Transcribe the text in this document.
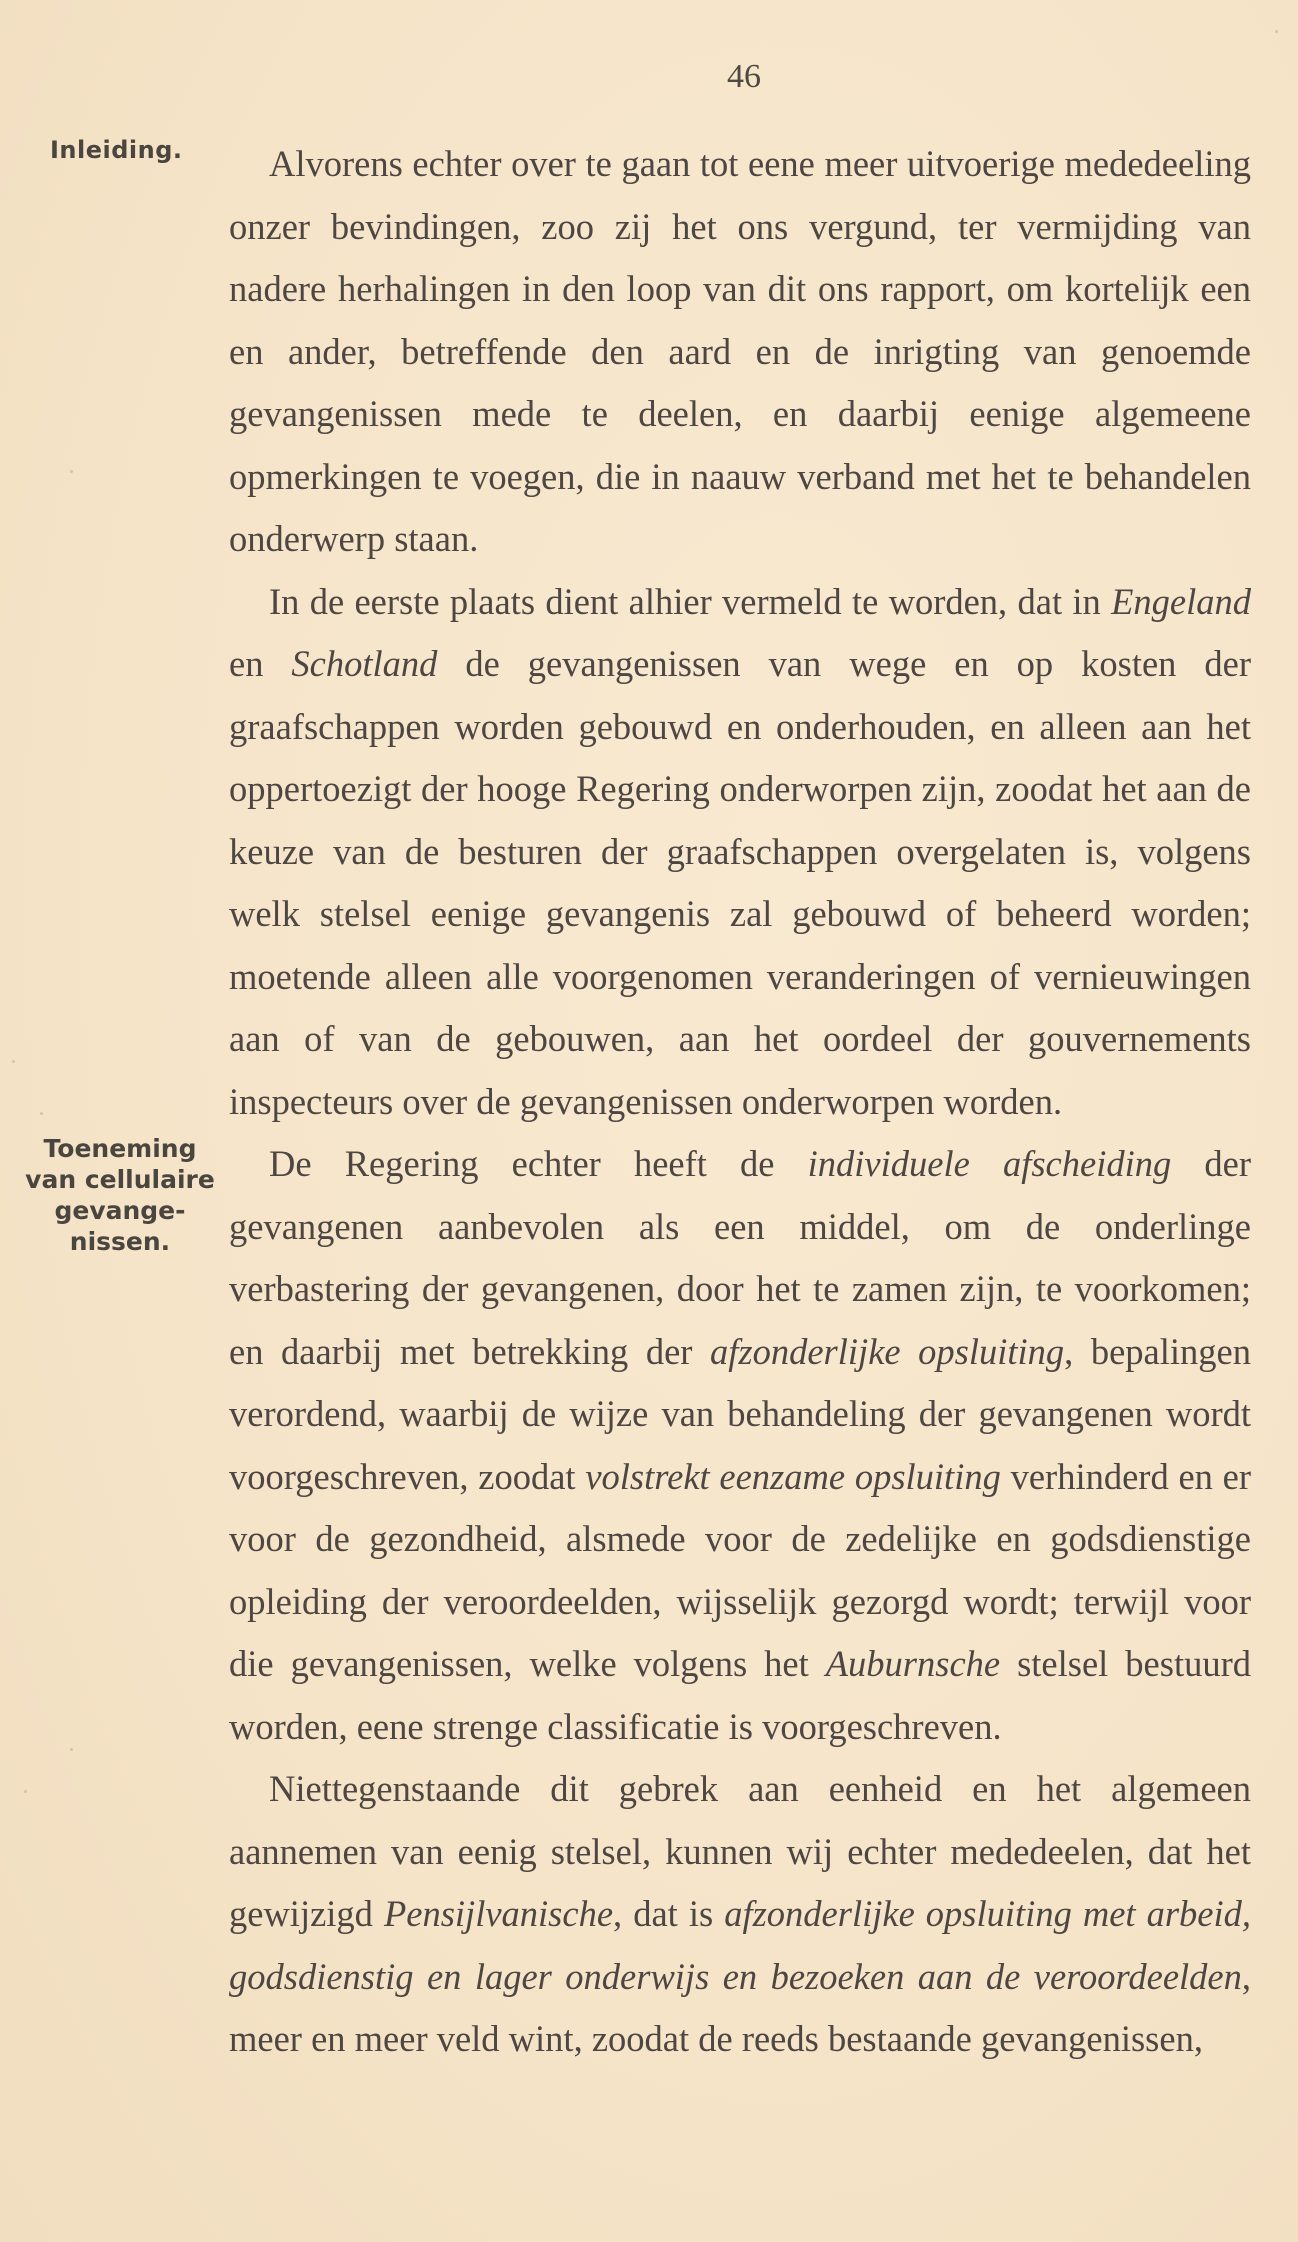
46
Inleiding.
Toeneming
van cellulaire
gevange-
nissen.

Alvorens echter over te gaan tot eene meer uitvoerige mededeeling onzer bevindingen, zoo zij het ons vergund, ter vermijding van nadere herhalingen in den loop van dit ons rapport, om kortelijk een en ander, betreffende den aard en de inrigting van genoemde gevangenissen mede te deelen, en daarbij eenige algemeene opmerkingen te voegen, die in naauw verband met het te behandelen onderwerp staan.

In de eerste plaats dient alhier vermeld te worden, dat in Engeland en Schotland de gevangenissen van wege en op kosten der graafschappen worden gebouwd en onderhouden, en alleen aan het oppertoezigt der hooge Regering onderworpen zijn, zoodat het aan de keuze van de besturen der graafschappen overgelaten is, volgens welk stelsel eenige gevangenis zal gebouwd of beheerd worden; moetende alleen alle voorgenomen veranderingen of vernieuwingen aan of van de gebouwen, aan het oordeel der gouvernements inspecteurs over de gevangenissen onderworpen worden.

De Regering echter heeft de individuele afscheiding der gevangenen aanbevolen als een middel, om de onderlinge verbastering der gevangenen, door het te zamen zijn, te voorkomen; en daarbij met betrekking der afzonderlijke opsluiting, bepalingen verordend, waarbij de wijze van behandeling der gevangenen wordt voorgeschreven, zoodat volstrekt eenzame opsluiting verhinderd en er voor de gezondheid, alsmede voor de zedelijke en godsdienstige opleiding der veroordeelden, wijsselijk gezorgd wordt; terwijl voor die gevangenissen, welke volgens het Auburnsche stelsel bestuurd worden, eene strenge classificatie is voorgeschreven.

Niettegenstaande dit gebrek aan eenheid en het algemeen aannemen van eenig stelsel, kunnen wij echter mededeelen, dat het gewijzigd Pensijlvanische, dat is afzonderlijke opsluiting met arbeid, godsdienstig en lager onderwijs en bezoeken aan de veroordeelden, meer en meer veld wint, zoodat de reeds bestaande gevangenissen,
